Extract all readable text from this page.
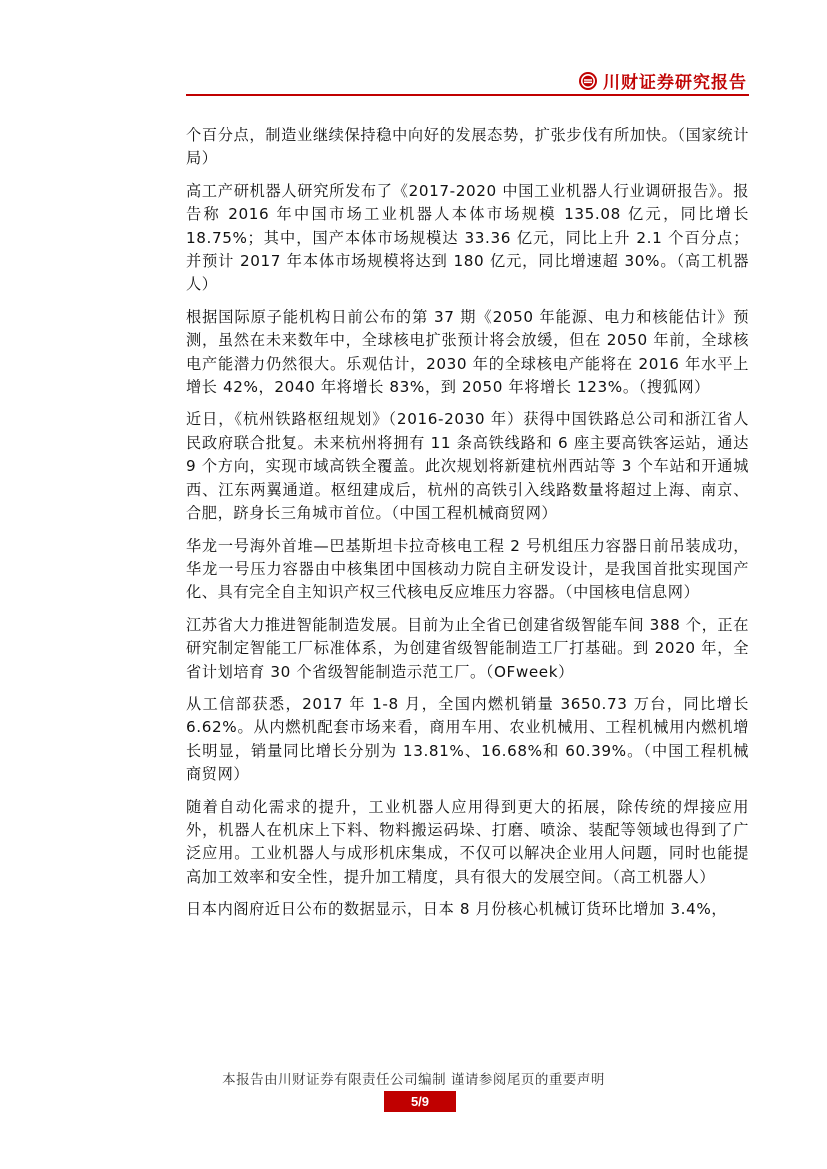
川财证券研究报告

个百分点，制造业继续保持稳中向好的发展态势，扩张步伐有所加快。（国家统计局）

高工产研机器人研究所发布了《2017-2020 中国工业机器人行业调研报告》。报告称 2016 年中国市场工业机器人本体市场规模 135.08 亿元，同比增长 18.75%；其中，国产本体市场规模达 33.36 亿元，同比上升 2.1 个百分点；并预计 2017 年本体市场规模将达到 180 亿元，同比增速超 30%。（高工机器人）

根据国际原子能机构日前公布的第 37 期《2050 年能源、电力和核能估计》预测，虽然在未来数年中，全球核电扩张预计将会放缓，但在 2050 年前，全球核电产能潜力仍然很大。乐观估计，2030 年的全球核电产能将在 2016 年水平上增长 42%，2040 年将增长 83%，到 2050 年将增长 123%。（搜狐网）

近日，《杭州铁路枢纽规划》（2016-2030 年）获得中国铁路总公司和浙江省人民政府联合批复。未来杭州将拥有 11 条高铁线路和 6 座主要高铁客运站，通达 9 个方向，实现市域高铁全覆盖。此次规划将新建杭州西站等 3 个车站和开通城西、江东两翼通道。枢纽建成后，杭州的高铁引入线路数量将超过上海、南京、合肥，跻身长三角城市首位。（中国工程机械商贸网）

华龙一号海外首堆—巴基斯坦卡拉奇核电工程 2 号机组压力容器日前吊装成功，华龙一号压力容器由中核集团中国核动力院自主研发设计，是我国首批实现国产化、具有完全自主知识产权三代核电反应堆压力容器。（中国核电信息网）

江苏省大力推进智能制造发展。目前为止全省已创建省级智能车间 388 个，正在研究制定智能工厂标准体系，为创建省级智能制造工厂打基础。到 2020 年，全省计划培育 30 个省级智能制造示范工厂。（OFweek）

从工信部获悉，2017 年 1-8 月，全国内燃机销量 3650.73 万台，同比增长 6.62%。从内燃机配套市场来看，商用车用、农业机械用、工程机械用内燃机增长明显，销量同比增长分别为 13.81%、16.68%和 60.39%。（中国工程机械商贸网）

随着自动化需求的提升，工业机器人应用得到更大的拓展，除传统的焊接应用外，机器人在机床上下料、物料搬运码垛、打磨、喷涂、装配等领域也得到了广泛应用。工业机器人与成形机床集成，不仅可以解决企业用人问题，同时也能提高加工效率和安全性，提升加工精度，具有很大的发展空间。（高工机器人）

日本内阁府近日公布的数据显示，日本 8 月份核心机械订货环比增加 3.4%，

本报告由川财证券有限责任公司编制 谨请参阅尾页的重要声明
5/9
